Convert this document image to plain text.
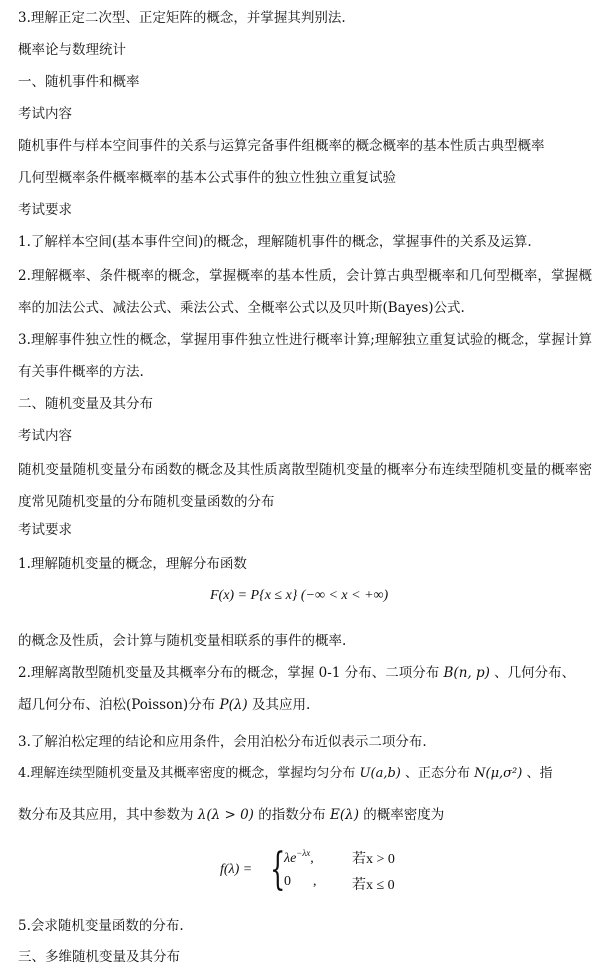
3.理解正定二次型、正定矩阵的概念，并掌握其判别法.
概率论与数理统计
一、随机事件和概率
考试内容
随机事件与样本空间事件的关系与运算完备事件组概率的概念概率的基本性质古典型概率
几何型概率条件概率概率的基本公式事件的独立性独立重复试验
考试要求
1.了解样本空间(基本事件空间)的概念，理解随机事件的概念，掌握事件的关系及运算.
2.理解概率、条件概率的概念，掌握概率的基本性质，会计算古典型概率和几何型概率，掌握概率的加法公式、减法公式、乘法公式、全概率公式以及贝叶斯(Bayes)公式.
3.理解事件独立性的概念，掌握用事件独立性进行概率计算;理解独立重复试验的概念，掌握计算有关事件概率的方法.
二、随机变量及其分布
考试内容
随机变量随机变量分布函数的概念及其性质离散型随机变量的概率分布连续型随机变量的概率密度常见随机变量的分布随机变量函数的分布
考试要求
1.理解随机变量的概念，理解分布函数
F(x) = P{x ≤ x} (−∞ < x < +∞)
的概念及性质，会计算与随机变量相联系的事件的概率.
2.理解离散型随机变量及其概率分布的概念，掌握 0-1 分布、二项分布 B(n, p) 、几何分布、
超几何分布、泊松(Poisson)分布 P(λ) 及其应用.
3.了解泊松定理的结论和应用条件，会用泊松分布近似表示二项分布.
4.理解连续型随机变量及其概率密度的概念，掌握均匀分布 U(a,b) 、正态分布 N(μ,σ²) 、指
数分布及其应用，其中参数为 λ(λ > 0) 的指数分布 E(λ) 的概率密度为
f(λ) = {
$\lambda e^{-\lambda x}$,	若x > 0
0 ,	若x ≤ 0
5.会求随机变量函数的分布.
三、多维随机变量及其分布
